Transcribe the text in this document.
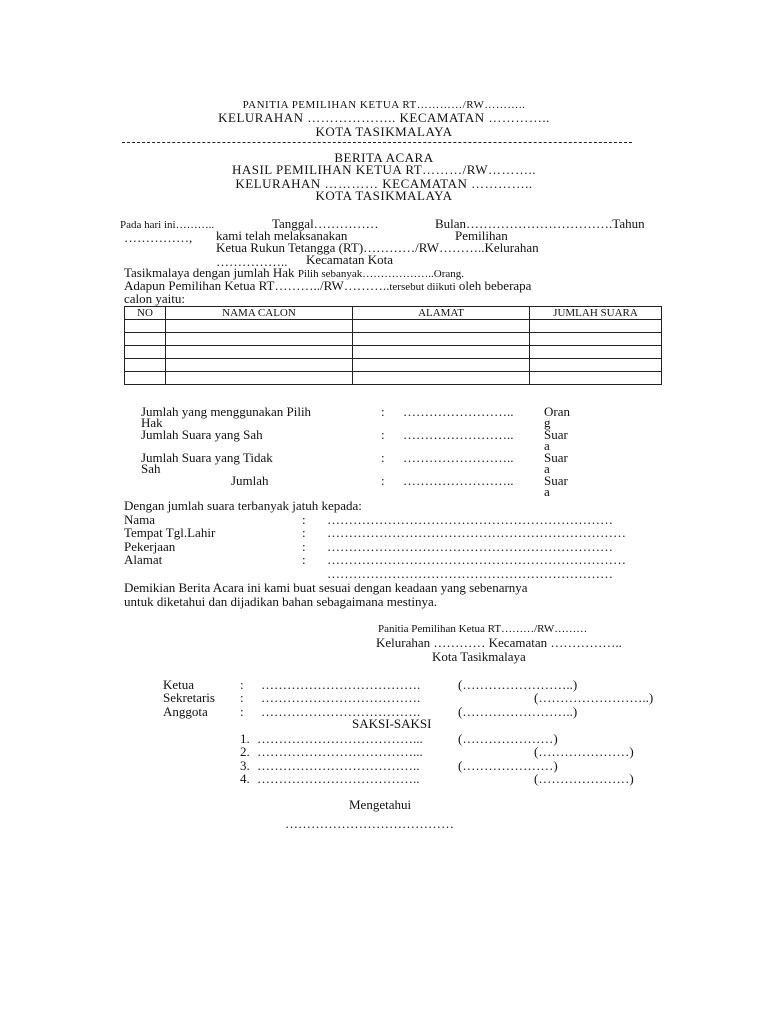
PANITIA PEMILIHAN KETUA RT…………/RW………..
KELURAHAN ……………….. KECAMATAN …………..
KOTA TASIKMALAYA
BERITA ACARA
HASIL PEMILIHAN KETUA RT………/RW………..
KELURAHAN ………… KECAMATAN …………..
KOTA TASIKMALAYA
Pada hari ini………..	Tanggal……………	Bulan…………………………….Tahun
……………, kami telah melaksanakan	Pemilihan
Ketua Rukun Tetangga (RT)…………/RW………..Kelurahan
…………….. Kecamatan Kota
Tasikmalaya dengan jumlah Hak Pilih sebanyak………………..Orang.
Adapun Pemilihan Ketua RT………../RW………..tersebut diikuti oleh beberapa
calon yaitu:
NO	NAMA CALON	ALAMAT	JUMLAH SUARA

Jumlah yang menggunakan Pilih
Hak
: …………………….. Oran
g
Jumlah Suara yang Sah	: …………………….. Suar
a
Jumlah Suara yang Tidak
Sah
: …………………….. Suar
a
Jumlah	: …………………….. Suar
a
Dengan jumlah suara terbanyak jatuh kepada:
Nama	: …………………………………………………………
Tempat Tgl.Lahir	: ……………………………………………………………
Pekerjaan	: …………………………………………………………
Alamat	: ……………………………………………………………
…………………………………………………………
Demikian Berita Acara ini kami buat sesuai dengan keadaan yang sebenarnya
untuk diketahui dan dijadikan bahan sebagaimana mestinya.
Panitia Pemilihan Ketua RT………/RW………
Kelurahan ………… Kecamatan ……………..
Kota Tasikmalaya
Ketua	: ……………………………….	(……………………..)
Sekretaris : ……………………………….	(……………………..)
Anggota : ……………………………….	(……………………..)
SAKSI-SAKSI
1. ………………………………...	(…………………)
2. ………………………………...	(…………………)
3. ………………………………..	(…………………)
4. ………………………………..	(…………………)
Mengetahui
…………………………………
